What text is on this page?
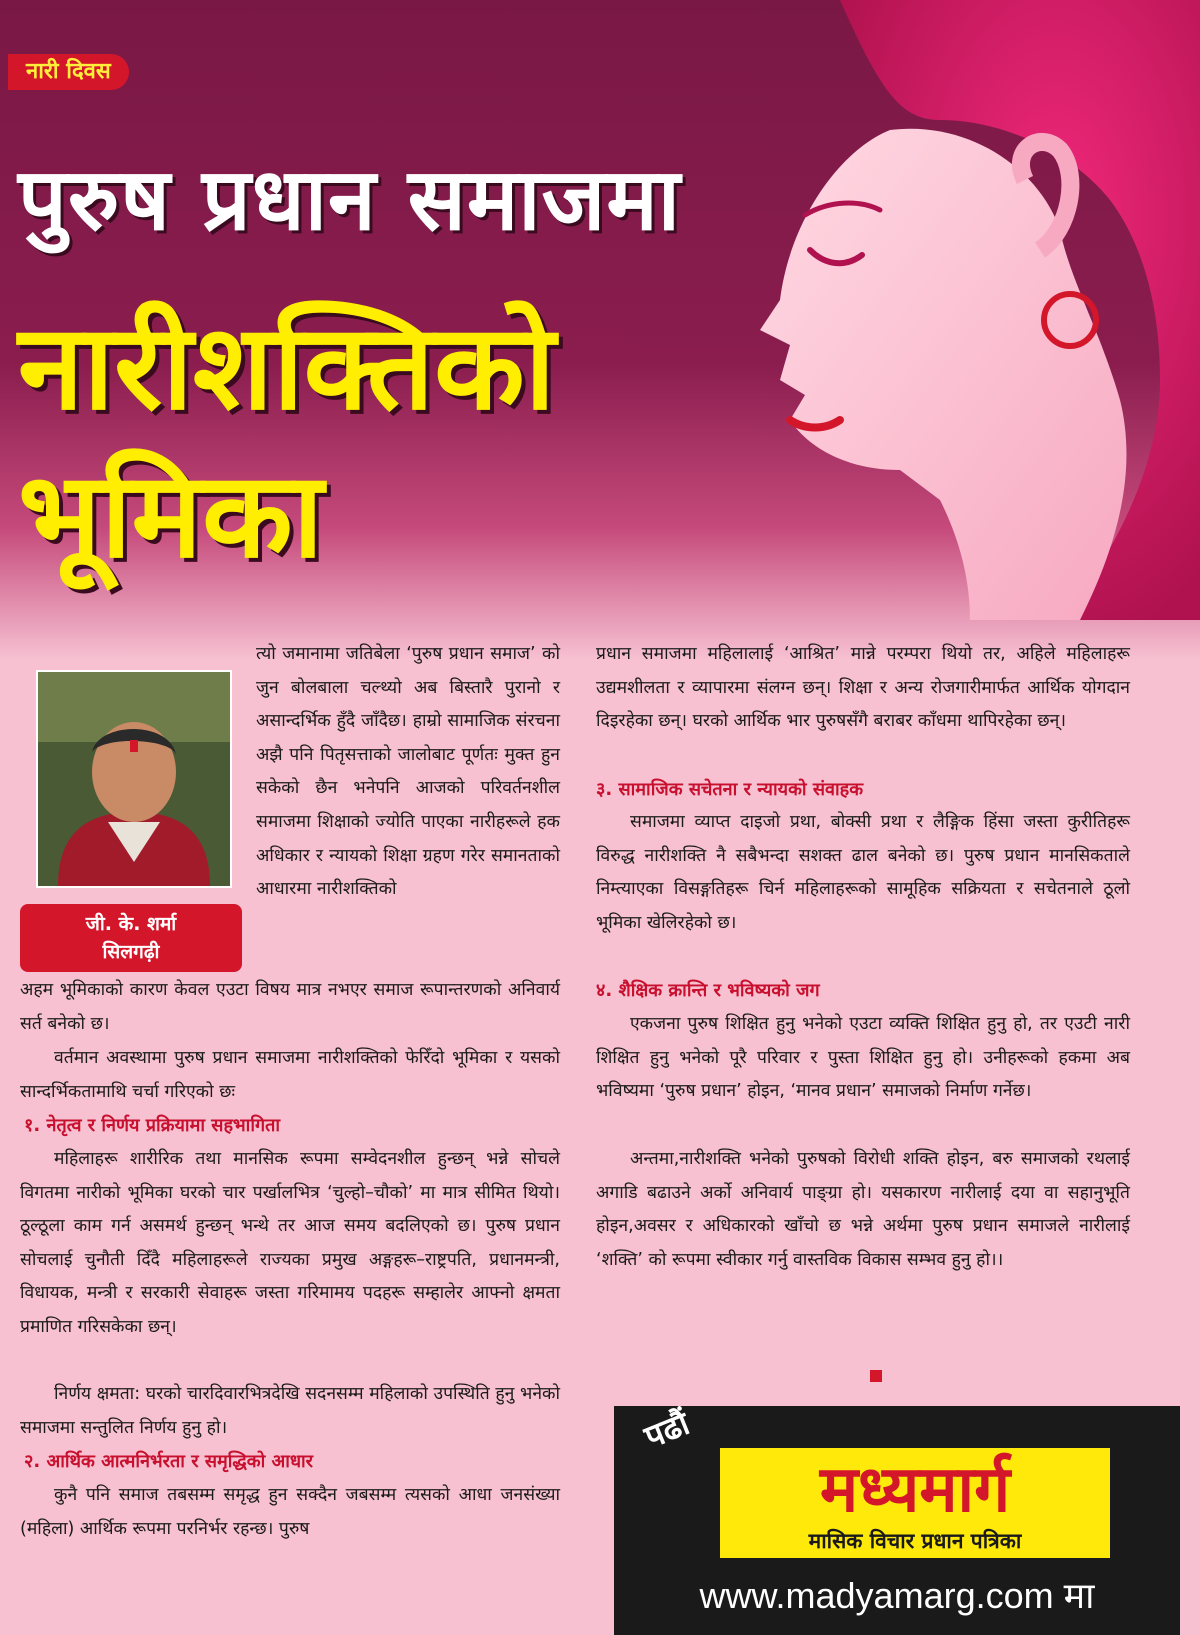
नारी दिवस
पुरुष प्रधान समाजमा
नारीशक्तिको
भूमिका
जी. के. शर्मा
सिलगढ़ी

त्यो जमानामा जतिबेला ‘पुरुष प्रधान समाज’ को जुन बोलबाला चल्थ्यो अब बिस्तारै पुरानो र असान्दर्भिक हुँदै जाँदैछ। हाम्रो सामाजिक संरचना अझै पनि पितृसत्ताको जालोबाट पूर्णतः मुक्त हुन सकेको छैन भनेपनि आजको परिवर्तनशील समाजमा शिक्षाको ज्योति पाएका नारीहरूले हक अधिकार र न्यायको शिक्षा ग्रहण गरेर समानताको आधारमा नारीशक्तिको

अहम भूमिकाको कारण केवल एउटा विषय मात्र नभएर समाज रूपान्तरणको अनिवार्य सर्त बनेको छ।

वर्तमान अवस्थामा पुरुष प्रधान समाजमा नारीशक्तिको फेरिँदो भूमिका र यसको सान्दर्भिकतामाथि चर्चा गरिएको छः

१. नेतृत्व र निर्णय प्रक्रियामा सहभागिता

महिलाहरू शारीरिक तथा मानसिक रूपमा सम्वेदनशील हुन्छन् भन्ने सोचले विगतमा नारीको भूमिका घरको चार पर्खालभित्र ‘चुल्हो–चौको’ मा मात्र सीमित थियो। ठूल्ठूला काम गर्न असमर्थ हुन्छन् भन्थे तर आज समय बदलिएको छ। पुरुष प्रधान सोचलाई चुनौती दिँदै महिलाहरूले राज्यका प्रमुख अङ्गहरू–राष्ट्रपति, प्रधानमन्त्री, विधायक, मन्त्री र सरकारी सेवाहरू जस्ता गरिमामय पदहरू सम्हालेर आफ्नो क्षमता प्रमाणित गरिसकेका छन्।

निर्णय क्षमता: घरको चारदिवारभित्रदेखि सदनसम्म महिलाको उपस्थिति हुनु भनेको समाजमा सन्तुलित निर्णय हुनु हो।

२. आर्थिक आत्मनिर्भरता र समृद्धिको आधार

कुनै पनि समाज तबसम्म समृद्ध हुन सक्दैन जबसम्म त्यसको आधा जनसंख्या (महिला) आर्थिक रूपमा परनिर्भर रहन्छ। पुरुष

प्रधान समाजमा महिलालाई ‘आश्रित’ मान्ने परम्परा थियो तर, अहिले महिलाहरू उद्यमशीलता र व्यापारमा संलग्न छन्। शिक्षा र अन्य रोजगारीमार्फत आर्थिक योगदान दिइरहेका छन्। घरको आर्थिक भार पुरुषसँगै बराबर काँधमा थापिरहेका छन्।

३. सामाजिक सचेतना र न्यायको संवाहक

समाजमा व्याप्त दाइजो प्रथा, बोक्सी प्रथा र लैङ्गिक हिंसा जस्ता कुरीतिहरू विरुद्ध नारीशक्ति नै सबैभन्दा सशक्त ढाल बनेको छ। पुरुष प्रधान मानसिकताले निम्त्याएका विसङ्गतिहरू चिर्न महिलाहरूको सामूहिक सक्रियता र सचेतनाले ठूलो भूमिका खेलिरहेको छ।

४. शैक्षिक क्रान्ति र भविष्यको जग

एकजना पुरुष शिक्षित हुनु भनेको एउटा व्यक्ति शिक्षित हुनु हो, तर एउटी नारी शिक्षित हुनु भनेको पूरै परिवार र पुस्ता शिक्षित हुनु हो। उनीहरूको हकमा अब भविष्यमा ‘पुरुष प्रधान’ होइन, ‘मानव प्रधान’ समाजको निर्माण गर्नेछ।

अन्तमा,नारीशक्ति भनेको पुरुषको विरोधी शक्ति होइन, बरु समाजको रथलाई अगाडि बढाउने अर्को अनिवार्य पाङ्ग्रा हो। यसकारण नारीलाई दया वा सहानुभूति होइन,अवसर र अधिकारको खाँचो छ भन्ने अर्थमा पुरुष प्रधान समाजले नारीलाई ‘शक्ति’ को रूपमा स्वीकार गर्नु वास्तविक विकास सम्भव हुनु हो।।

पढौं
मध्यमार्ग
मासिक विचार प्रधान पत्रिका
www.madyamarg.com मा
